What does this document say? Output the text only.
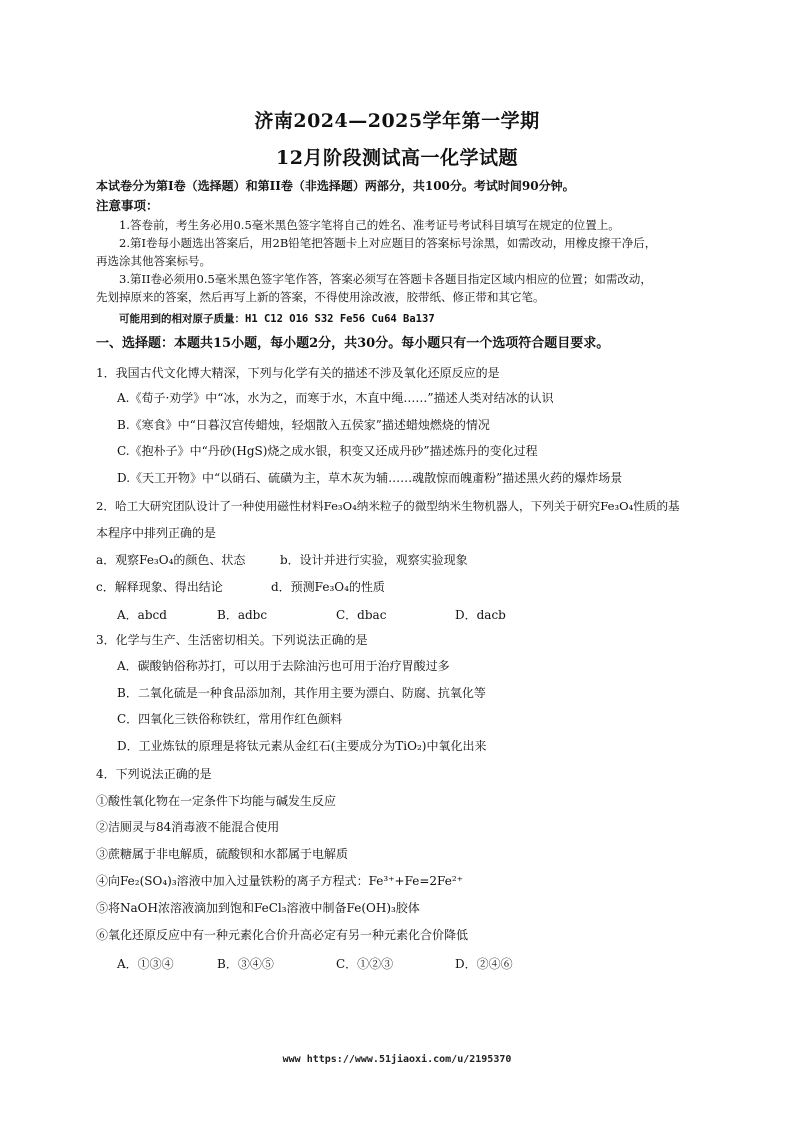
济南2024—2025学年第一学期
12月阶段测试高一化学试题
本试卷分为第Ⅰ卷（选择题）和第II卷（非选择题）两部分，共100分。考试时间90分钟。
注意事项：
1.答卷前，考生务必用0.5毫米黑色签字笔将自己的姓名、准考证号考试科目填写在规定的位置上。
2.第Ⅰ卷每小题选出答案后，用2B铅笔把答题卡上对应题目的答案标号涂黑，如需改动，用橡皮擦干净后，
再选涂其他答案标号。
3.第II卷必须用0.5毫米黑色签字笔作答，答案必须写在答题卡各题目指定区域内相应的位置；如需改动，
先划掉原来的答案，然后再写上新的答案，不得使用涂改液，胶带纸、修正带和其它笔。
可能用到的相对原子质量：H1 C12 O16 S32 Fe56 Cu64 Ba137
一、选择题：本题共15小题，每小题2分，共30分。每小题只有一个选项符合题目要求。
1．我国古代文化博大精深，下列与化学有关的描述不涉及氧化还原反应的是
A.《荀子·劝学》中“冰，水为之，而寒于水，木直中绳……”描述人类对结冰的认识
B.《寒食》中“日暮汉宫传蜡烛，轻烟散入五侯家”描述蜡烛燃烧的情况
C.《抱朴子》中“丹砂(HgS)烧之成水银，积变又还成丹砂”描述炼丹的变化过程
D.《天工开物》中“以硝石、硫磺为主，草木灰为辅……魂散惊而魄齑粉”描述黑火药的爆炸场景
2．哈工大研究团队设计了一种使用磁性材料Fe₃O₄纳米粒子的微型纳米生物机器人，下列关于研究Fe₃O₄性质的基
本程序中排列正确的是
a．观察Fe₃O₄的颜色、状态	b．设计并进行实验，观察实验现象
c．解释现象、得出结论	d．预测Fe₃O₄的性质
A．abcd	B．adbc	C．dbac	D．dacb
3．化学与生产、生活密切相关。下列说法正确的是
A．碳酸钠俗称苏打，可以用于去除油污也可用于治疗胃酸过多
B．二氧化硫是一种食品添加剂，其作用主要为漂白、防腐、抗氧化等
C．四氧化三铁俗称铁红，常用作红色颜料
D．工业炼钛的原理是将钛元素从金红石(主要成分为TiO₂)中氧化出来
4．下列说法正确的是
①酸性氧化物在一定条件下均能与碱发生反应
②洁厕灵与84消毒液不能混合使用
③蔗糖属于非电解质，硫酸钡和水都属于电解质
④向Fe₂(SO₄)₃溶液中加入过量铁粉的离子方程式：Fe³⁺+Fe=2Fe²⁺
⑤将NaOH浓溶液滴加到饱和FeCl₃溶液中制备Fe(OH)₃胶体
⑥氧化还原反应中有一种元素化合价升高必定有另一种元素化合价降低
A．①③④	B．③④⑤	C．①②③	D．②④⑥
www https://www.51jiaoxi.com/u/2195370
